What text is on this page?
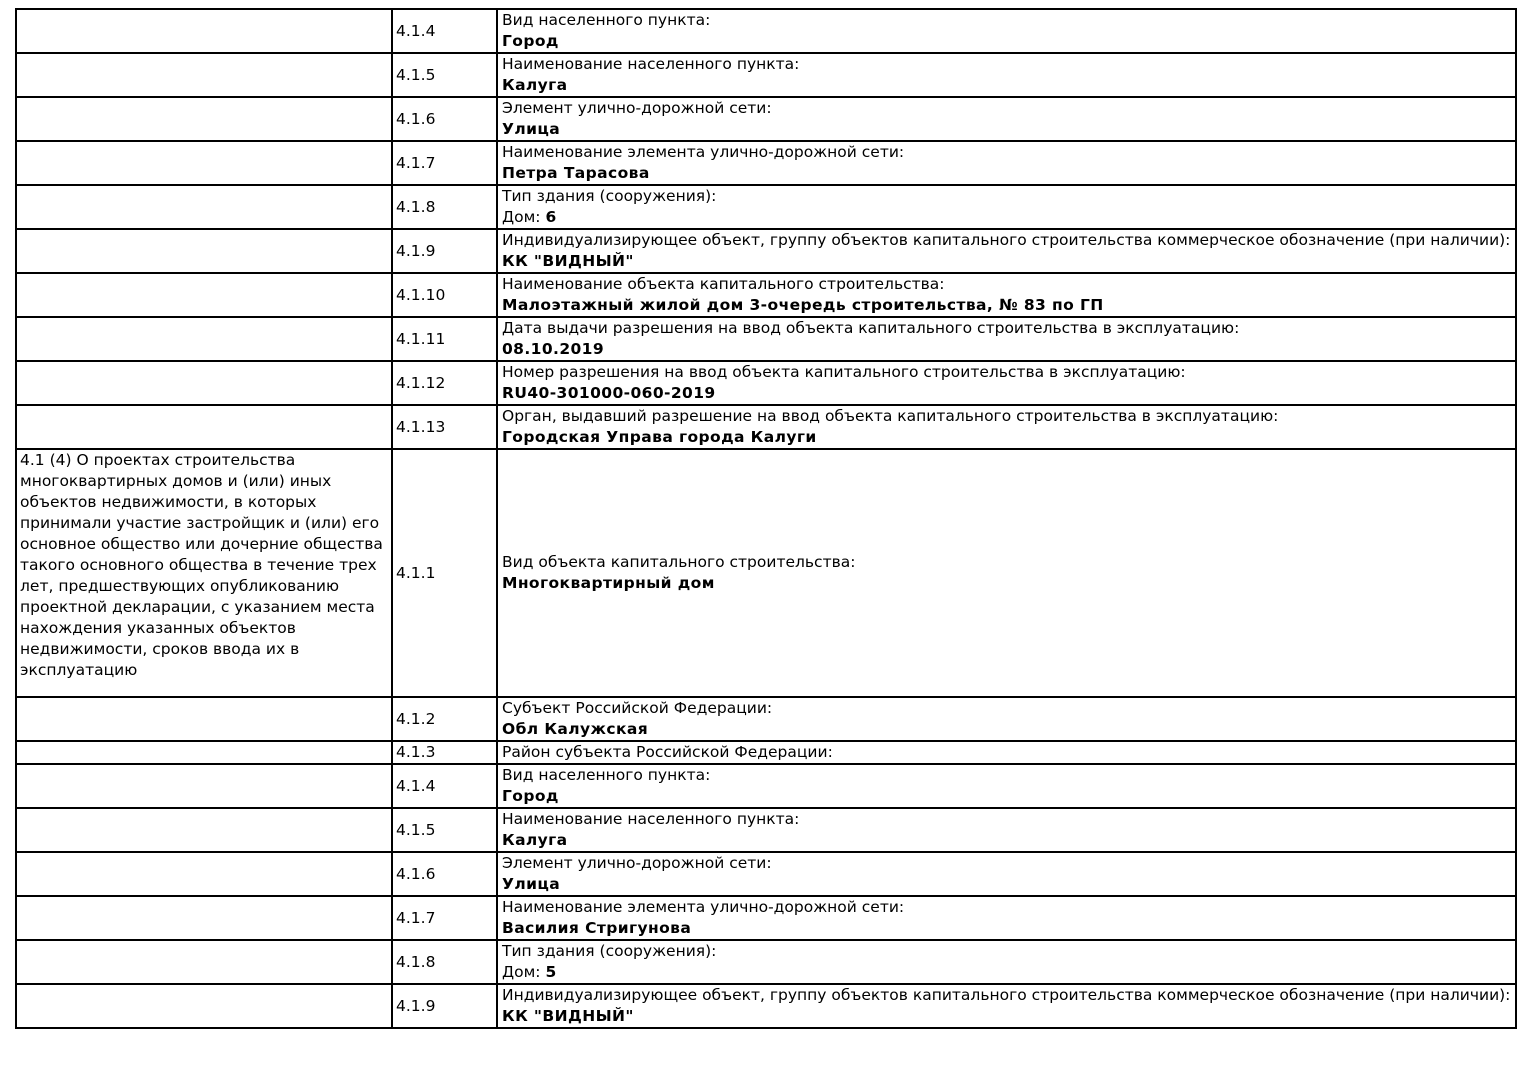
	4.1.4	Вид населенного пункта:
Город

	4.1.5	Наименование населенного пункта:
Калуга

	4.1.6	Элемент улично-дорожной сети:
Улица

	4.1.7	Наименование элемента улично-дорожной сети:
Петра Тарасова

	4.1.8	Тип здания (сооружения):
Дом: 6

	4.1.9	Индивидуализирующее объект, группу объектов капитального строительства коммерческое обозначение (при наличии):
КК "ВИДНЫЙ"

	4.1.10	Наименование объекта капитального строительства:
Малоэтажный жилой дом 3-очередь строительства, № 83 по ГП

	4.1.11	Дата выдачи разрешения на ввод объекта капитального строительства в эксплуатацию:
08.10.2019

	4.1.12	Номер разрешения на ввод объекта капитального строительства в эксплуатацию:
RU40-301000-060-2019

	4.1.13	Орган, выдавший разрешение на ввод объекта капитального строительства в эксплуатацию:
Городская Управа города Калуги

4.1 (4) О проектах строительства многоквартирных домов и (или) иных объектов недвижимости, в которых принимали участие застройщик и (или) его основное общество или дочерние общества такого основного общества в течение трех лет, предшествующих опубликованию проектной декларации, с указанием места нахождения указанных объектов недвижимости, сроков ввода их в эксплуатацию	4.1.1	Вид объекта капитального строительства:
Многоквартирный дом

	4.1.2	Субъект Российской Федерации:
Обл Калужская

	4.1.3	Район субъекта Российской Федерации:

	4.1.4	Вид населенного пункта:
Город

	4.1.5	Наименование населенного пункта:
Калуга

	4.1.6	Элемент улично-дорожной сети:
Улица

	4.1.7	Наименование элемента улично-дорожной сети:
Василия Стригунова

	4.1.8	Тип здания (сооружения):
Дом: 5

	4.1.9	Индивидуализирующее объект, группу объектов капитального строительства коммерческое обозначение (при наличии):
КК "ВИДНЫЙ"
